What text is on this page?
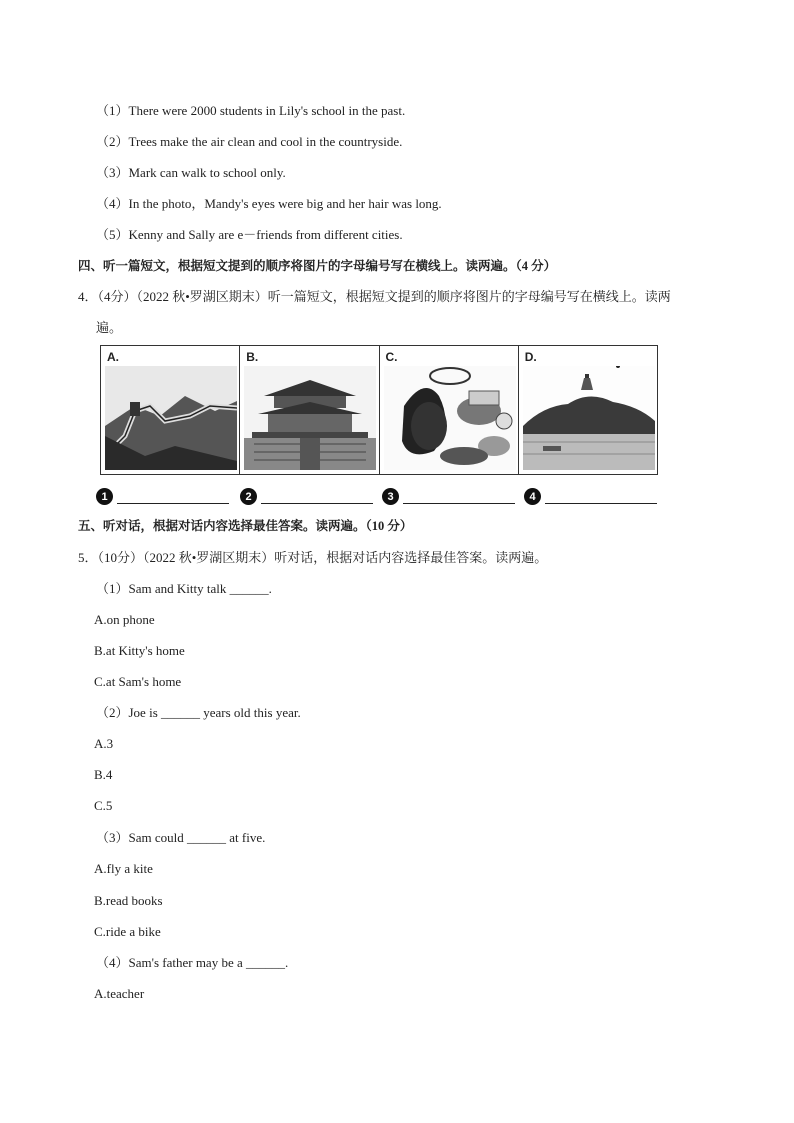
（1）There were 2000 students in Lily's school in the past.
（2）Trees make the air clean and cool in the countryside.
（3）Mark can walk to school only.
（4）In the photo，Mandy's eyes were big and her hair was long.
（5）Kenny and Sally are e－friends from different cities.
四、听一篇短文，根据短文提到的顺序将图片的字母编号写在横线上。读两遍。（4 分）
4．（4分）（2022 秋•罗湖区期末）听一篇短文，根据短文提到的顺序将图片的字母编号写在横线上。读两
遍。
A.	B.	C.	D.
1	2	3	4
五、听对话，根据对话内容选择最佳答案。读两遍。（10 分）
5．（10分）（2022 秋•罗湖区期末）听对话，根据对话内容选择最佳答案。读两遍。
（1）Sam and Kitty talk ______.
A.on phone
B.at Kitty's home
C.at Sam's home
（2）Joe is ______ years old this year.
A.3
B.4
C.5
（3）Sam could ______ at five.
A.fly a kite
B.read books
C.ride a bike
（4）Sam's father may be a ______.
A.teacher
